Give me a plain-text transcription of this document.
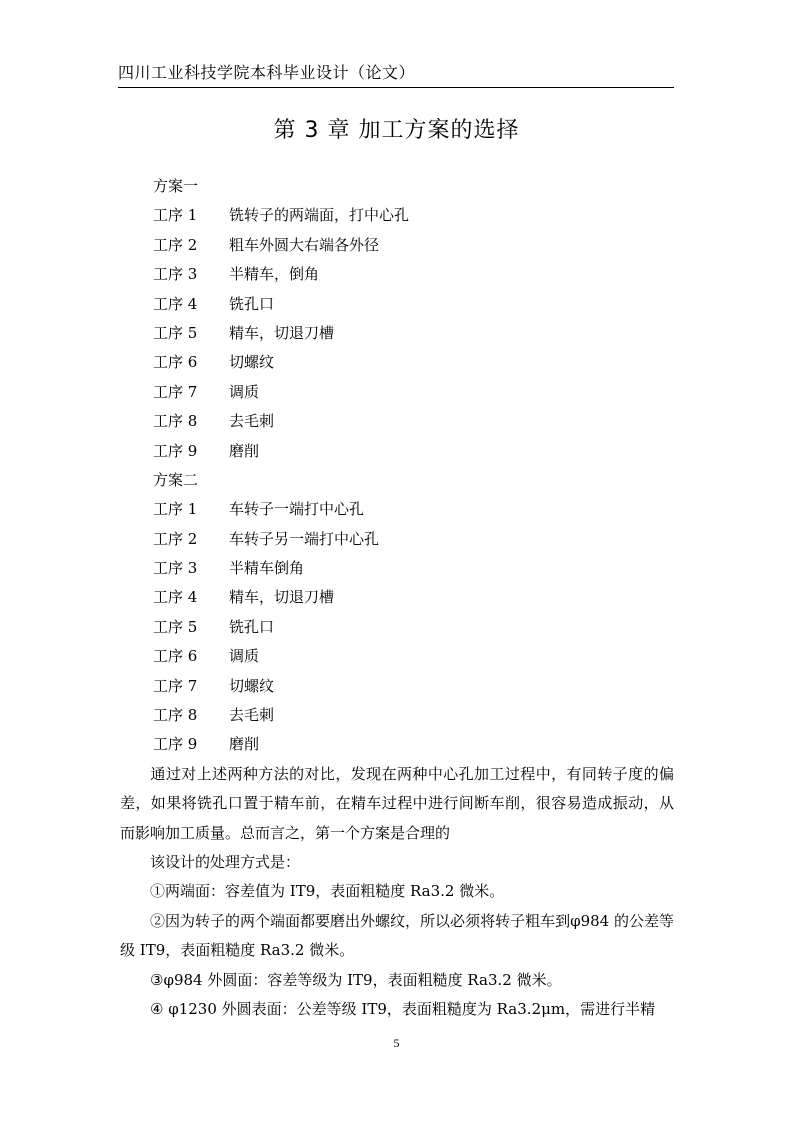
四川工业科技学院本科毕业设计（论文）
第 3 章 加工方案的选择
方案一
工序 1 铣转子的两端面，打中心孔
工序 2 粗车外圆大右端各外径
工序 3 半精车，倒角
工序 4 铣孔口
工序 5 精车，切退刀槽
工序 6 切螺纹
工序 7 调质
工序 8 去毛刺
工序 9 磨削
方案二
工序 1 车转子一端打中心孔
工序 2 车转子另一端打中心孔
工序 3 半精车倒角
工序 4 精车，切退刀槽
工序 5 铣孔口
工序 6 调质
工序 7 切螺纹
工序 8 去毛刺
工序 9 磨削
通过对上述两种方法的对比，发现在两种中心孔加工过程中，有同转子度的偏差，如果将铣孔口置于精车前，在精车过程中进行间断车削，很容易造成振动，从而影响加工质量。总而言之，第一个方案是合理的
该设计的处理方式是：
①两端面：容差值为 IT9，表面粗糙度 Ra3.2 微米。
②因为转子的两个端面都要磨出外螺纹，所以必须将转子粗车到φ984 的公差等级 IT9，表面粗糙度 Ra3.2 微米。
③φ984 外圆面：容差等级为 IT9，表面粗糙度 Ra3.2 微米。
④ φ1230 外圆表面：公差等级 IT9，表面粗糙度为 Ra3.2μm，需进行半精
5
